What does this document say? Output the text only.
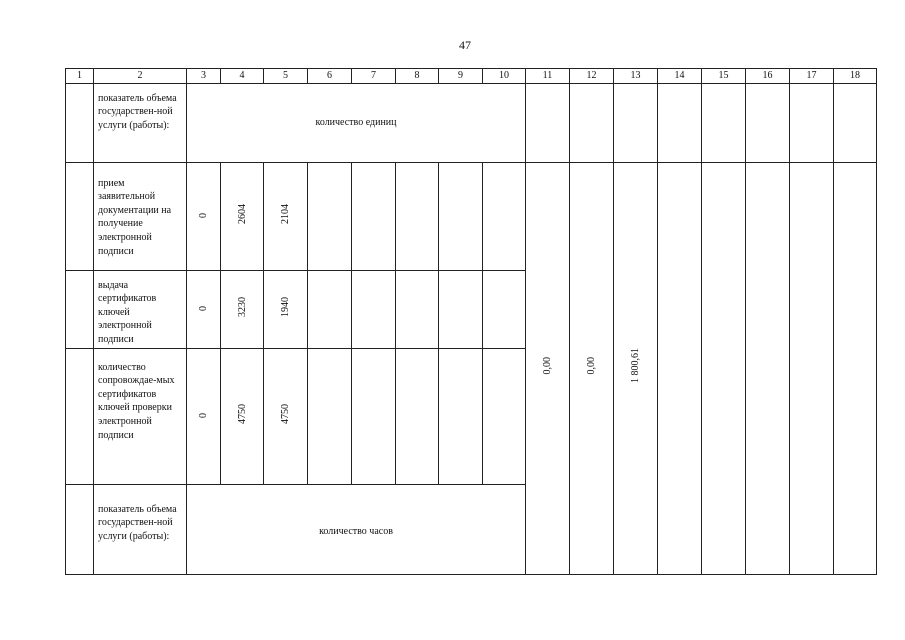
47
1	2	3	4	5	6	7	8	9	10	11	12	13	14	15	16	17	18
	показатель объема государствен-ной услуги (работы):	количество единиц															
	прием заявительной документации на получение электронной подписи	0	2604	2104						0,00	0,00	1 800,61					
	выдача сертификатов ключей электронной подписи	0	3230	1940													
	количество сопровождае-мых сертификатов ключей проверки электронной подписи	0	4750	4750													
	показатель объема государствен-ной услуги (работы):	количество часов															
